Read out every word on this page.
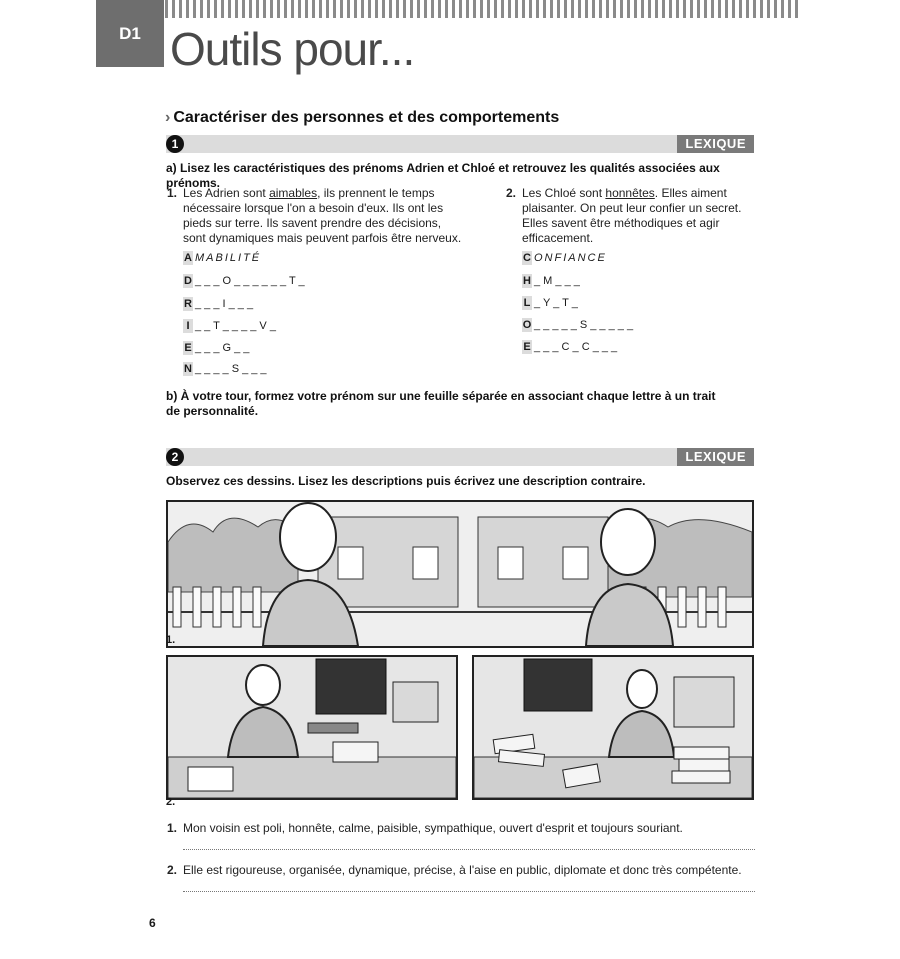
D1 Outils pour...
› Caractériser des personnes et des comportements
1	LEXIQUE
a) Lisez les caractéristiques des prénoms Adrien et Chloé et retrouvez les qualités associées aux prénoms.
1. Les Adrien sont aimables, ils prennent le temps nécessaire lorsque l'on a besoin d'eux. Ils ont les pieds sur terre. Ils savent prendre des décisions, sont dynamiques mais peuvent parfois être nerveux.
2. Les Chloé sont honnêtes. Elles aiment plaisanter. On peut leur confier un secret. Elles savent être méthodiques et agir efficacement.
A MABILITÉ
D _ _ _ O _ _ _ _ _ _ T _
R _ _ _ I _ _ _
I _ _ T _ _ _ _ V _
E _ _ _ G _ _
N _ _ _ _ S _ _ _
C ONFIANCE
H _ M _ _ _
L _ Y _ T _
O _ _ _ _ _ S _ _ _ _ _
E _ _ _ C _ C _ _ _
b) À votre tour, formez votre prénom sur une feuille séparée en associant chaque lettre à un trait de personnalité.
2	LEXIQUE
Observez ces dessins. Lisez les descriptions puis écrivez une description contraire.
1.
2.
1. Mon voisin est poli, honnête, calme, paisible, sympathique, ouvert d'esprit et toujours souriant.
2. Elle est rigoureuse, organisée, dynamique, précise, à l'aise en public, diplomate et donc très compétente.
6
